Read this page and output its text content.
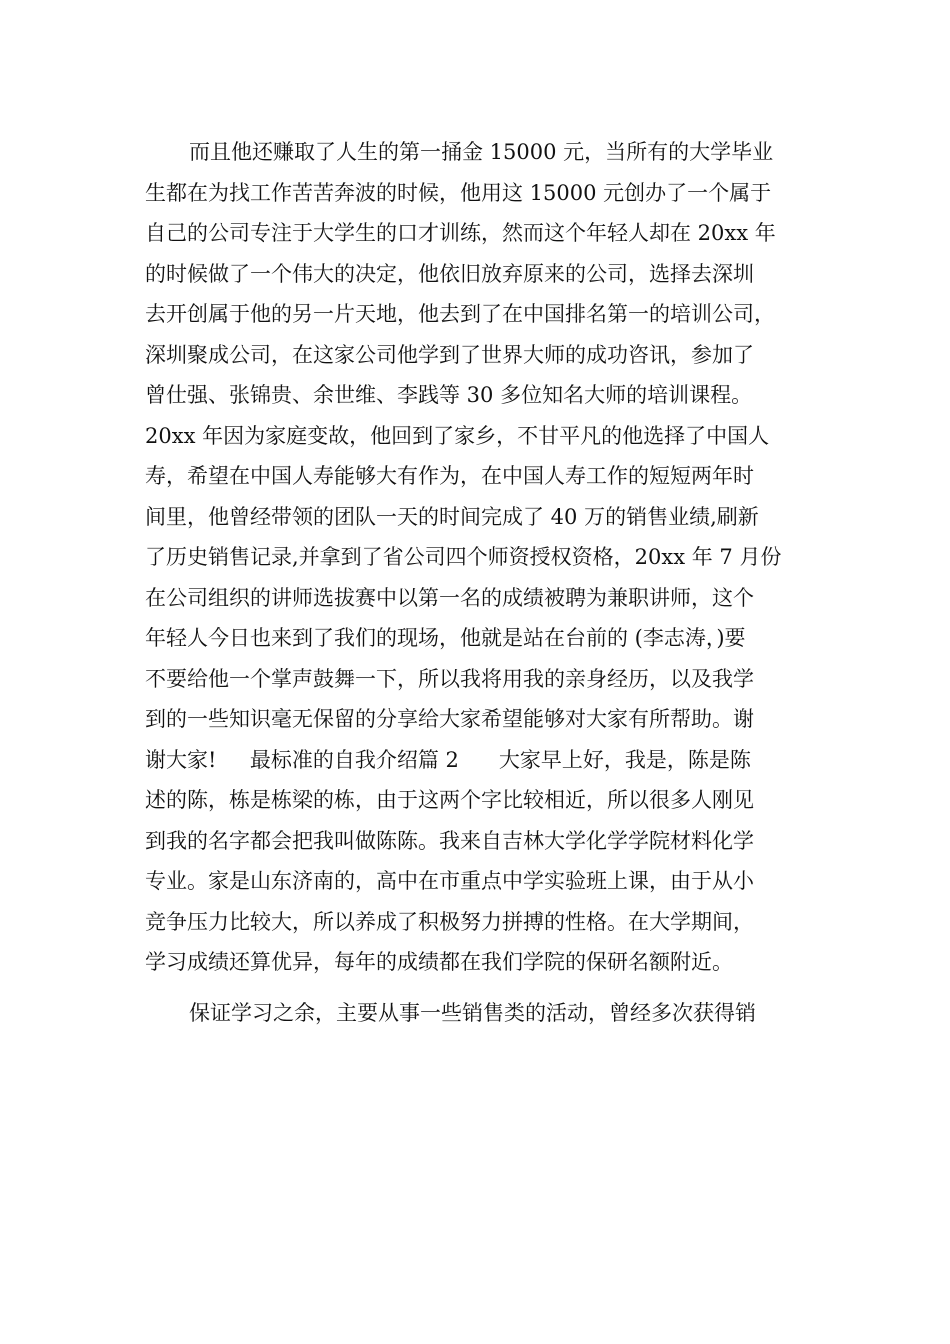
而且他还赚取了人生的第一捅金 15000 元，当所有的大学毕业
生都在为找工作苦苦奔波的时候，他用这 15000 元创办了一个属于
自己的公司专注于大学生的口才训练，然而这个年轻人却在 20xx 年
的时候做了一个伟大的决定，他依旧放弃原来的公司，选择去深圳
去开创属于他的另一片天地，他去到了在中国排名第一的培训公司，
深圳聚成公司，在这家公司他学到了世界大师的成功咨讯，参加了
曾仕强、张锦贵、余世维、李践等 30 多位知名大师的培训课程。
20xx 年因为家庭变故，他回到了家乡，不甘平凡的他选择了中国人
寿，希望在中国人寿能够大有作为，在中国人寿工作的短短两年时
间里，他曾经带领的团队一天的时间完成了 40 万的销售业绩,刷新
了历史销售记录,并拿到了省公司四个师资授权资格，20xx 年 7 月份
在公司组织的讲师选拔赛中以第一名的成绩被聘为兼职讲师，这个
年轻人今日也来到了我们的现场，他就是站在台前的 (李志涛，)要
不要给他一个掌声鼓舞一下，所以我将用我的亲身经历，以及我学
到的一些知识毫无保留的分享给大家希望能够对大家有所帮助。谢
谢大家!     最标准的自我介绍篇 2      大家早上好，我是，陈是陈
述的陈，栋是栋梁的栋，由于这两个字比较相近，所以很多人刚见
到我的名字都会把我叫做陈陈。我来自吉林大学化学学院材料化学
专业。家是山东济南的，高中在市重点中学实验班上课，由于从小
竞争压力比较大，所以养成了积极努力拼搏的性格。在大学期间，
学习成绩还算优异，每年的成绩都在我们学院的保研名额附近。
保证学习之余，主要从事一些销售类的活动，曾经多次获得销
